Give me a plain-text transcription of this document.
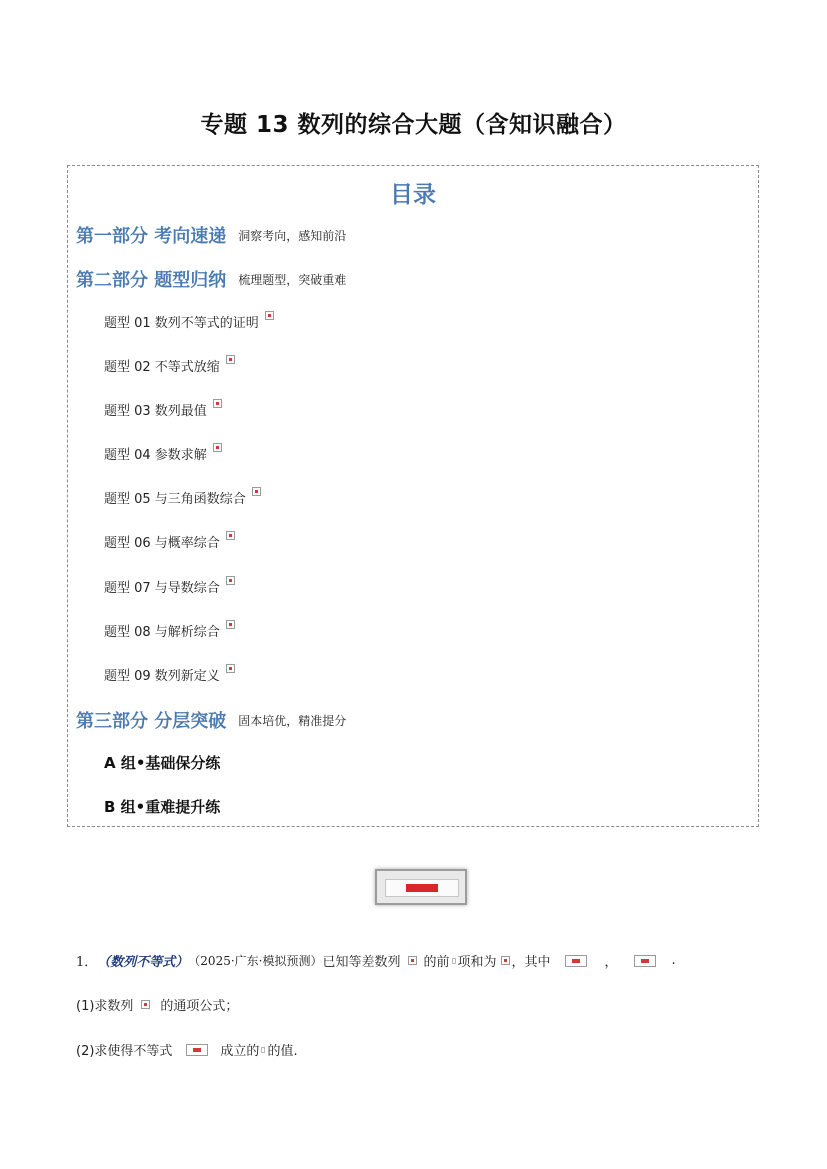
专题 13 数列的综合大题（含知识融合）
目录
第一部分 考向速递 洞察考向，感知前沿
第二部分 题型归纳 梳理题型，突破重难
题型 01 数列不等式的证明
题型 02 不等式放缩
题型 03 数列最值
题型 04 参数求解
题型 05 与三角函数综合
题型 06 与概率综合
题型 07 与导数综合
题型 08 与解析综合
题型 09 数列新定义
第三部分 分层突破 固本培优，精准提分
A 组•基础保分练
B 组•重难提升练
1． （数列不等式） （2025·广东·模拟预测） 已知等差数列 的前 项和为 ，其中	，	.
(1)求数列 的通项公式；
(2)求使得不等式	成立的 的值.
